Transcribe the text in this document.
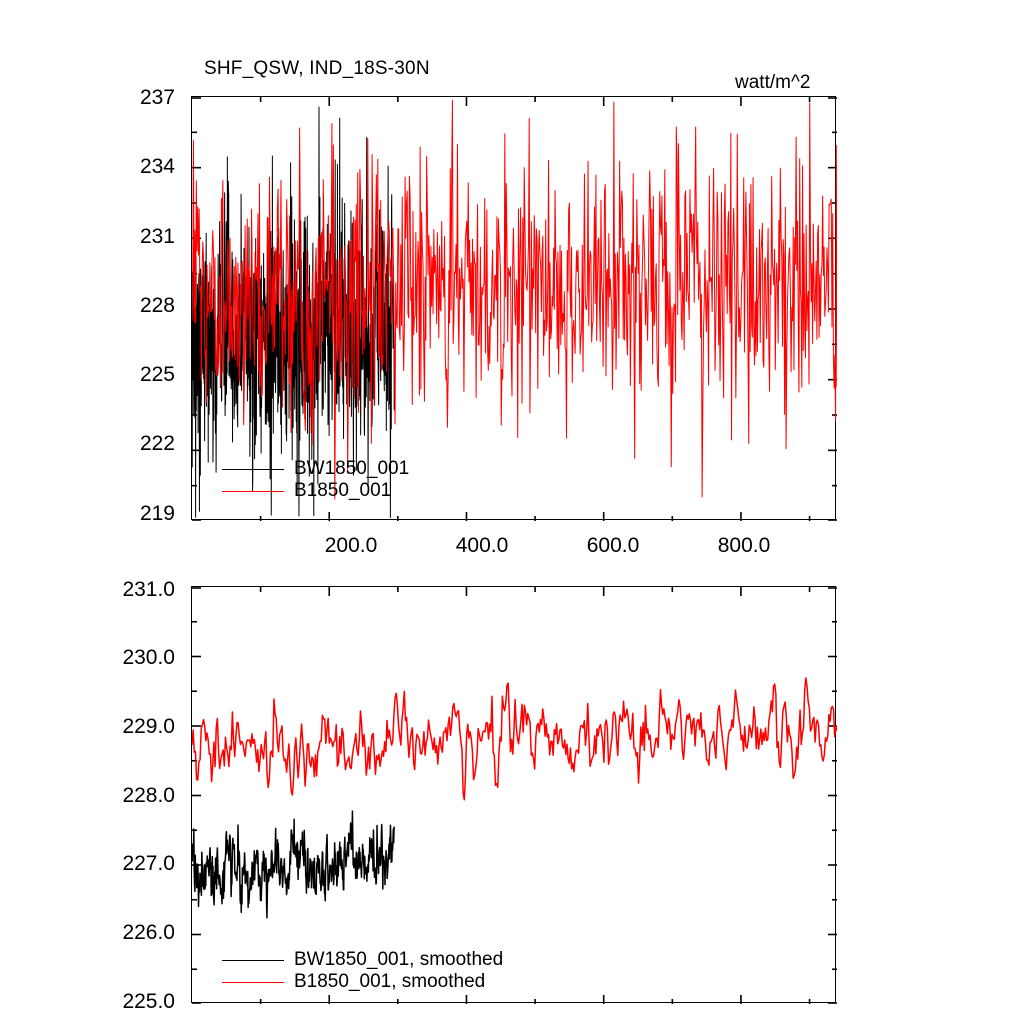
SHF_QSW, IND_18S-30N
watt/m^2
237
234
231
228
225
222
219
200.0	400.0	600.0	800.0
BW1850_001
B1850_001
231.0
230.0
229.0
228.0
227.0
226.0
225.0
BW1850_001, smoothed
B1850_001, smoothed
